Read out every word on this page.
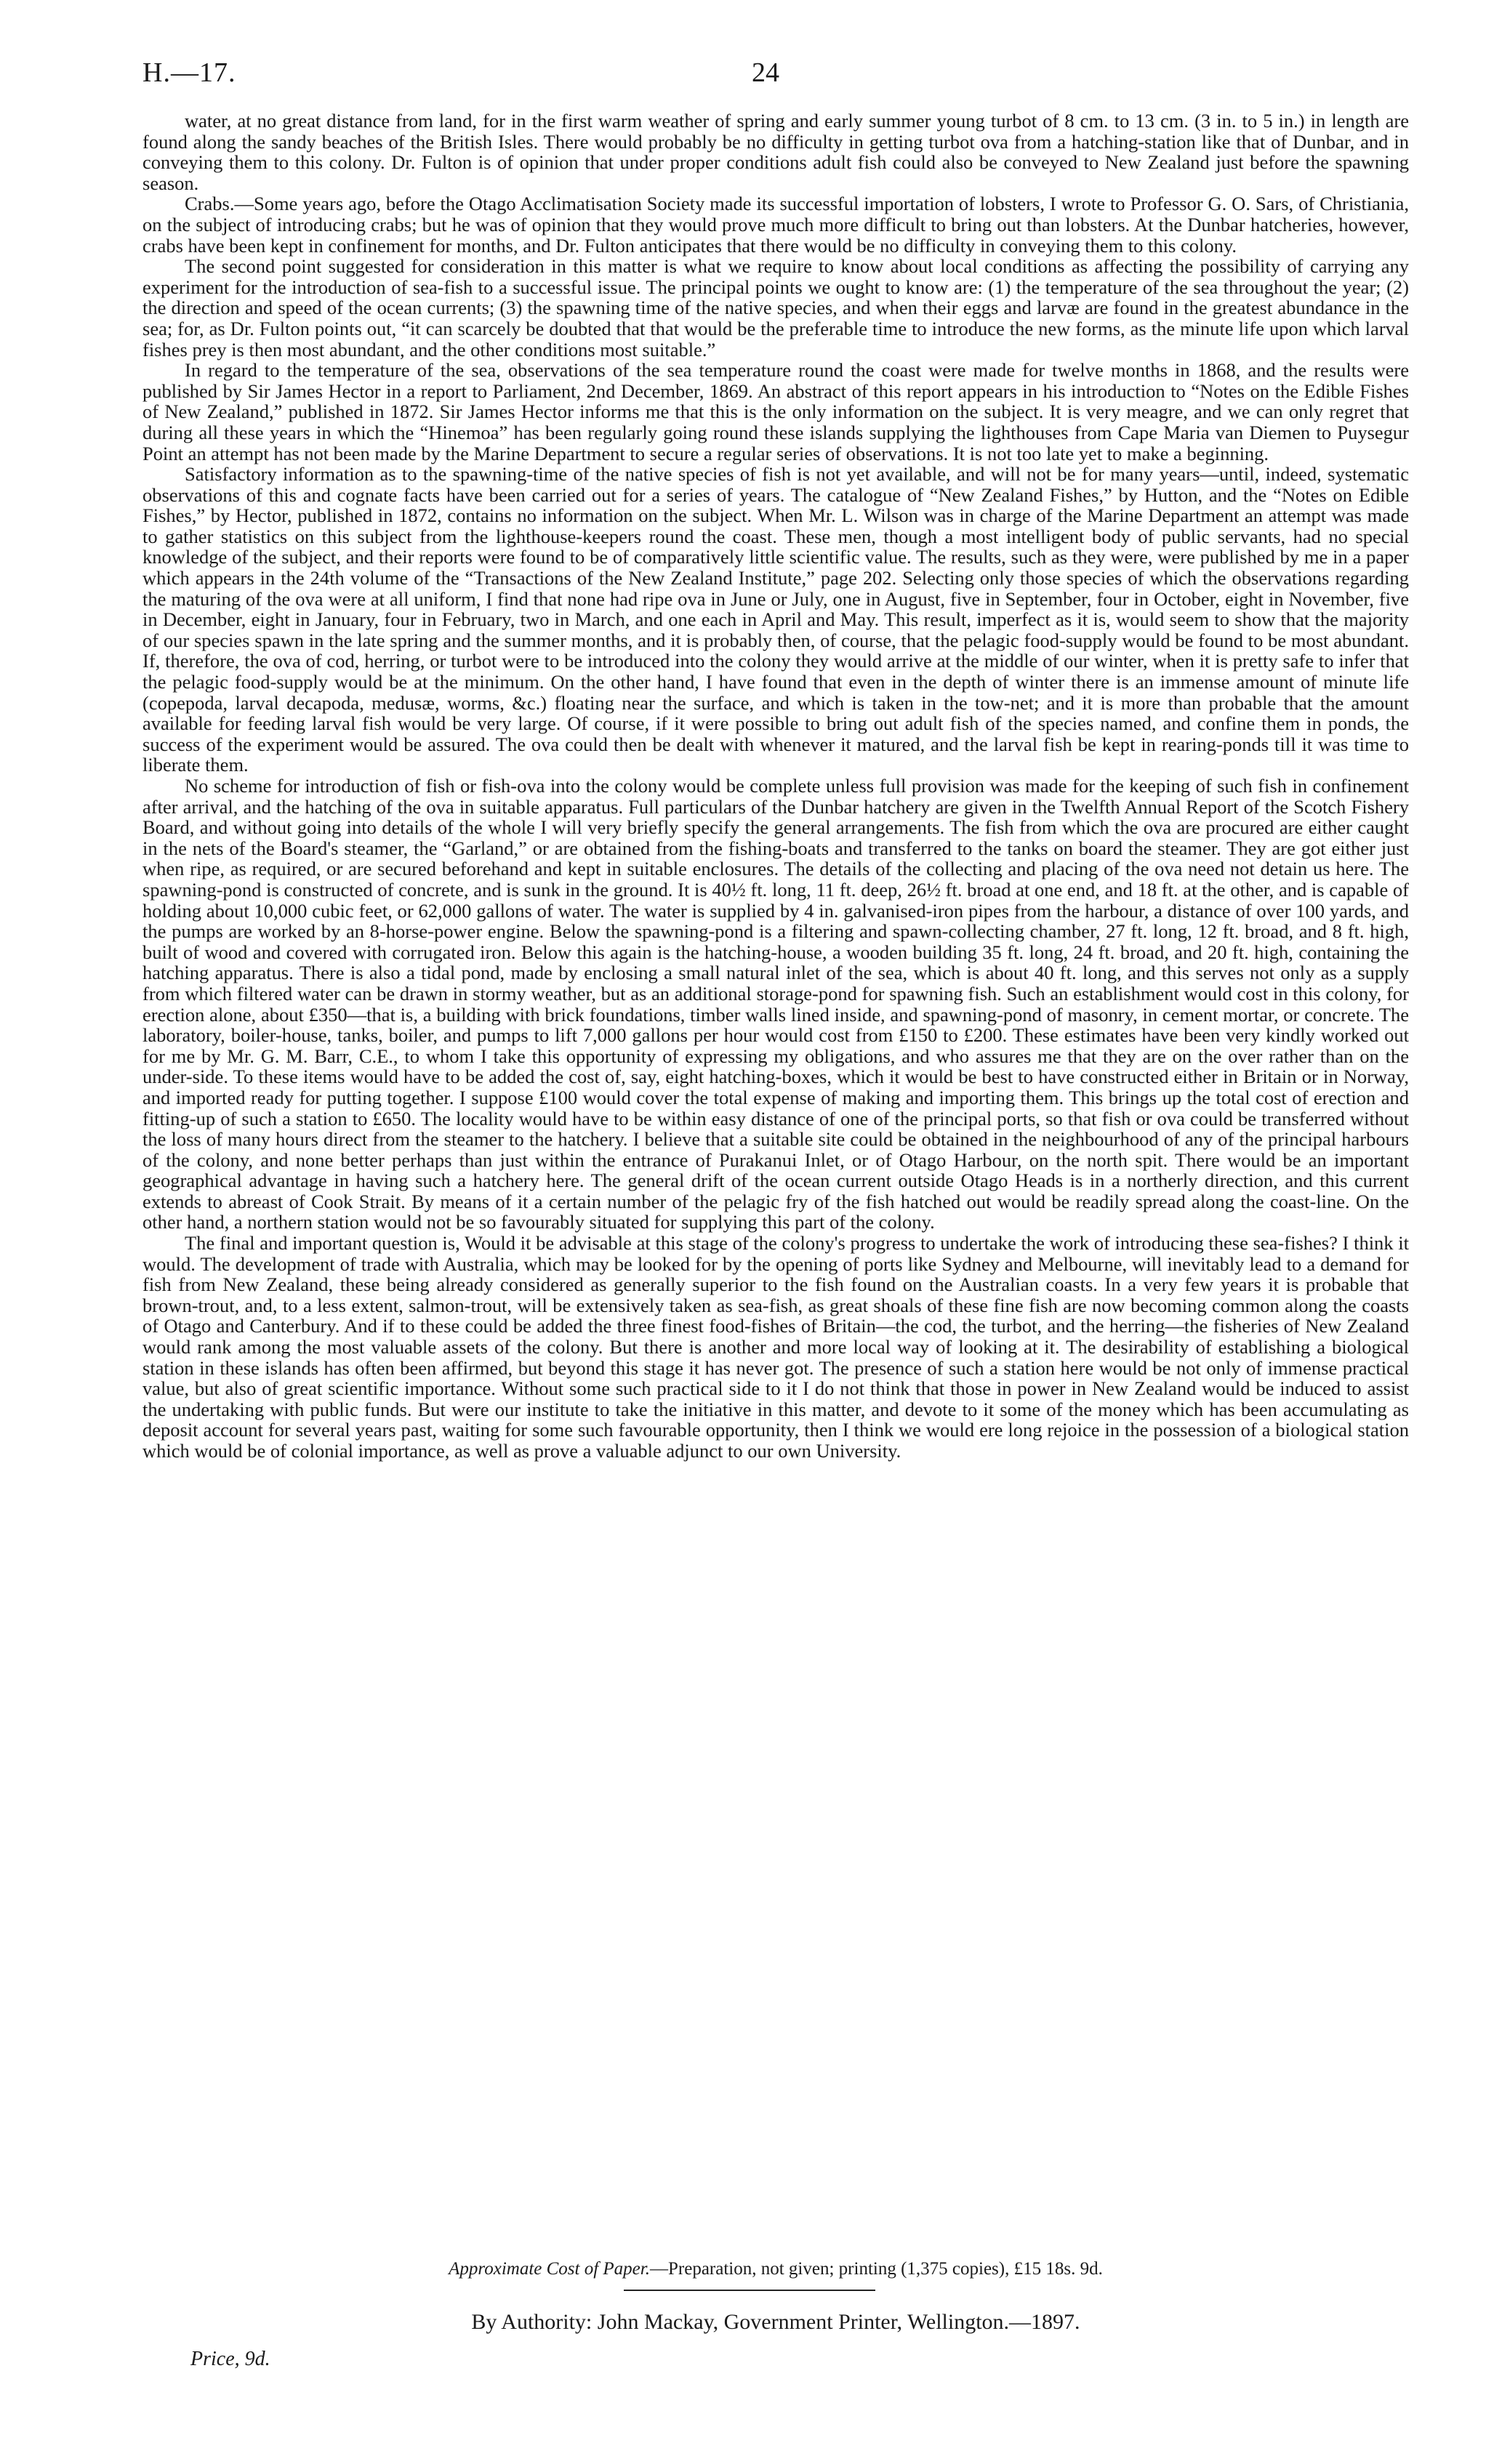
H.—17.	24

water, at no great distance from land, for in the first warm weather of spring and early summer young turbot of 8 cm. to 13 cm. (3 in. to 5 in.) in length are found along the sandy beaches of the British Isles. There would probably be no difficulty in getting turbot ova from a hatching-station like that of Dunbar, and in conveying them to this colony. Dr. Fulton is of opinion that under proper conditions adult fish could also be conveyed to New Zealand just before the spawning season.

Crabs.—Some years ago, before the Otago Acclimatisation Society made its successful importation of lobsters, I wrote to Professor G. O. Sars, of Christiania, on the subject of introducing crabs; but he was of opinion that they would prove much more difficult to bring out than lobsters. At the Dunbar hatcheries, however, crabs have been kept in confinement for months, and Dr. Fulton anticipates that there would be no difficulty in conveying them to this colony.

The second point suggested for consideration in this matter is what we require to know about local conditions as affecting the possibility of carrying any experiment for the introduction of sea-fish to a successful issue. The principal points we ought to know are: (1) the temperature of the sea throughout the year; (2) the direction and speed of the ocean currents; (3) the spawning time of the native species, and when their eggs and larvæ are found in the greatest abundance in the sea; for, as Dr. Fulton points out, “it can scarcely be doubted that that would be the preferable time to introduce the new forms, as the minute life upon which larval fishes prey is then most abundant, and the other conditions most suitable.”

In regard to the temperature of the sea, observations of the sea temperature round the coast were made for twelve months in 1868, and the results were published by Sir James Hector in a report to Parliament, 2nd December, 1869. An abstract of this report appears in his introduction to “Notes on the Edible Fishes of New Zealand,” published in 1872. Sir James Hector informs me that this is the only information on the subject. It is very meagre, and we can only regret that during all these years in which the “Hinemoa” has been regularly going round these islands supplying the lighthouses from Cape Maria van Diemen to Puysegur Point an attempt has not been made by the Marine Department to secure a regular series of observations. It is not too late yet to make a beginning.

Satisfactory information as to the spawning-time of the native species of fish is not yet available, and will not be for many years—until, indeed, systematic observations of this and cognate facts have been carried out for a series of years. The catalogue of “New Zealand Fishes,” by Hutton, and the “Notes on Edible Fishes,” by Hector, published in 1872, contains no information on the subject. When Mr. L. Wilson was in charge of the Marine Department an attempt was made to gather statistics on this subject from the lighthouse-keepers round the coast. These men, though a most intelligent body of public servants, had no special knowledge of the subject, and their reports were found to be of comparatively little scientific value. The results, such as they were, were published by me in a paper which appears in the 24th volume of the “Transactions of the New Zealand Institute,” page 202. Selecting only those species of which the observations regarding the maturing of the ova were at all uniform, I find that none had ripe ova in June or July, one in August, five in September, four in October, eight in November, five in December, eight in January, four in February, two in March, and one each in April and May. This result, imperfect as it is, would seem to show that the majority of our species spawn in the late spring and the summer months, and it is probably then, of course, that the pelagic food-supply would be found to be most abundant. If, therefore, the ova of cod, herring, or turbot were to be introduced into the colony they would arrive at the middle of our winter, when it is pretty safe to infer that the pelagic food-supply would be at the minimum. On the other hand, I have found that even in the depth of winter there is an immense amount of minute life (copepoda, larval decapoda, medusæ, worms, &c.) floating near the surface, and which is taken in the tow-net; and it is more than probable that the amount available for feeding larval fish would be very large. Of course, if it were possible to bring out adult fish of the species named, and confine them in ponds, the success of the experiment would be assured. The ova could then be dealt with whenever it matured, and the larval fish be kept in rearing-ponds till it was time to liberate them.

No scheme for introduction of fish or fish-ova into the colony would be complete unless full provision was made for the keeping of such fish in confinement after arrival, and the hatching of the ova in suitable apparatus. Full particulars of the Dunbar hatchery are given in the Twelfth Annual Report of the Scotch Fishery Board, and without going into details of the whole I will very briefly specify the general arrangements. The fish from which the ova are procured are either caught in the nets of the Board's steamer, the “Garland,” or are obtained from the fishing-boats and transferred to the tanks on board the steamer. They are got either just when ripe, as required, or are secured beforehand and kept in suitable enclosures. The details of the collecting and placing of the ova need not detain us here. The spawning-pond is constructed of concrete, and is sunk in the ground. It is 40½ ft. long, 11 ft. deep, 26½ ft. broad at one end, and 18 ft. at the other, and is capable of holding about 10,000 cubic feet, or 62,000 gallons of water. The water is supplied by 4 in. galvanised-iron pipes from the harbour, a distance of over 100 yards, and the pumps are worked by an 8-horse-power engine. Below the spawning-pond is a filtering and spawn-collecting chamber, 27 ft. long, 12 ft. broad, and 8 ft. high, built of wood and covered with corrugated iron. Below this again is the hatching-house, a wooden building 35 ft. long, 24 ft. broad, and 20 ft. high, containing the hatching apparatus. There is also a tidal pond, made by enclosing a small natural inlet of the sea, which is about 40 ft. long, and this serves not only as a supply from which filtered water can be drawn in stormy weather, but as an additional storage-pond for spawning fish. Such an establishment would cost in this colony, for erection alone, about £350—that is, a building with brick foundations, timber walls lined inside, and spawning-pond of masonry, in cement mortar, or concrete. The laboratory, boiler-house, tanks, boiler, and pumps to lift 7,000 gallons per hour would cost from £150 to £200. These estimates have been very kindly worked out for me by Mr. G. M. Barr, C.E., to whom I take this opportunity of expressing my obligations, and who assures me that they are on the over rather than on the under-side. To these items would have to be added the cost of, say, eight hatching-boxes, which it would be best to have constructed either in Britain or in Norway, and imported ready for putting together. I suppose £100 would cover the total expense of making and importing them. This brings up the total cost of erection and fitting-up of such a station to £650. The locality would have to be within easy distance of one of the principal ports, so that fish or ova could be transferred without the loss of many hours direct from the steamer to the hatchery. I believe that a suitable site could be obtained in the neighbourhood of any of the principal harbours of the colony, and none better perhaps than just within the entrance of Purakanui Inlet, or of Otago Harbour, on the north spit. There would be an important geographical advantage in having such a hatchery here. The general drift of the ocean current outside Otago Heads is in a northerly direction, and this current extends to abreast of Cook Strait. By means of it a certain number of the pelagic fry of the fish hatched out would be readily spread along the coast-line. On the other hand, a northern station would not be so favourably situated for supplying this part of the colony.

The final and important question is, Would it be advisable at this stage of the colony's progress to undertake the work of introducing these sea-fishes? I think it would. The development of trade with Australia, which may be looked for by the opening of ports like Sydney and Melbourne, will inevitably lead to a demand for fish from New Zealand, these being already considered as generally superior to the fish found on the Australian coasts. In a very few years it is probable that brown-trout, and, to a less extent, salmon-trout, will be extensively taken as sea-fish, as great shoals of these fine fish are now becoming common along the coasts of Otago and Canterbury. And if to these could be added the three finest food-fishes of Britain—the cod, the turbot, and the herring—the fisheries of New Zealand would rank among the most valuable assets of the colony. But there is another and more local way of looking at it. The desirability of establishing a biological station in these islands has often been affirmed, but beyond this stage it has never got. The presence of such a station here would be not only of immense practical value, but also of great scientific importance. Without some such practical side to it I do not think that those in power in New Zealand would be induced to assist the undertaking with public funds. But were our institute to take the initiative in this matter, and devote to it some of the money which has been accumulating as deposit account for several years past, waiting for some such favourable opportunity, then I think we would ere long rejoice in the possession of a biological station which would be of colonial importance, as well as prove a valuable adjunct to our own University.

Approximate Cost of Paper.—Preparation, not given; printing (1,375 copies), £15 18s. 9d.
By Authority: John Mackay, Government Printer, Wellington.—1897.
Price, 9d.
